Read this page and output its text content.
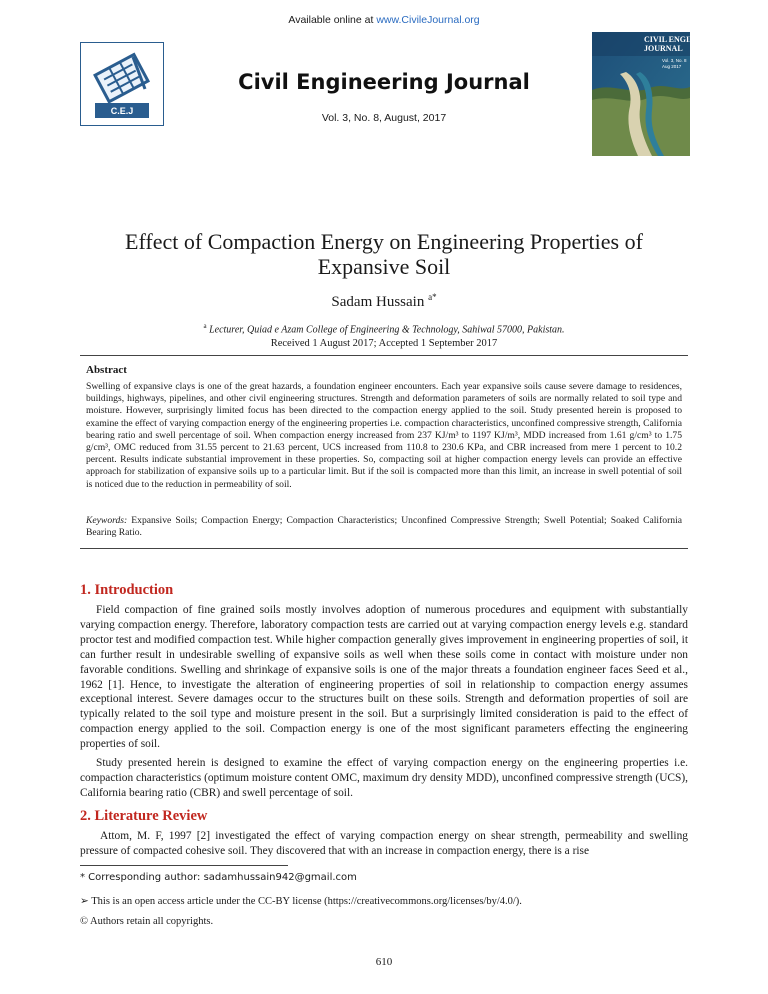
Available online at www.CivileJournal.org
C.E.J
Civil Engineering Journal
Vol. 3, No. 8, August, 2017
CIVIL ENGINEERING
JOURNAL
Vol. 3, No. 8
Aug 2017
Effect of Compaction Energy on Engineering Properties of Expansive Soil
Sadam Hussain $^{a*}$
$^a$ Lecturer, Quiad e Azam College of Engineering & Technology, Sahiwal 57000, Pakistan.
Received 1 August 2017; Accepted 1 September 2017
Abstract
Swelling of expansive clays is one of the great hazards, a foundation engineer encounters. Each year expansive soils cause severe damage to residences, buildings, highways, pipelines, and other civil engineering structures. Strength and deformation parameters of soils are normally related to soil type and moisture. However, surprisingly limited focus has been directed to the compaction energy applied to the soil. Study presented herein is proposed to examine the effect of varying compaction energy of the engineering properties i.e. compaction characteristics, unconfined compressive strength, California bearing ratio and swell percentage of soil. When compaction energy increased from 237 KJ/m³ to 1197 KJ/m³, MDD increased from 1.61 g/cm³ to 1.75 g/cm³, OMC reduced from 31.55 percent to 21.63 percent, UCS increased from 110.8 to 230.6 KPa, and CBR increased from mere 1 percent to 10.2 percent. Results indicate substantial improvement in these properties. So, compacting soil at higher compaction energy levels can provide an effective approach for stabilization of expansive soils up to a particular limit. But if the soil is compacted more than this limit, an increase in swell potential of soil is noticed due to the reduction in permeability of soil.
Keywords: Expansive Soils; Compaction Energy; Compaction Characteristics; Unconfined Compressive Strength; Swell Potential; Soaked California Bearing Ratio.
1. Introduction
Field compaction of fine grained soils mostly involves adoption of numerous procedures and equipment with substantially varying compaction energy. Therefore, laboratory compaction tests are carried out at varying compaction energy levels e.g. standard proctor test and modified compaction test. While higher compaction generally gives improvement in engineering properties of soil, it can further result in undesirable swelling of expansive soils as well when these soils come in contact with moisture under non favorable conditions. Swelling and shrinkage of expansive soils is one of the major threats a foundation engineer faces Seed et al., 1962 [1]. Hence, to investigate the alteration of engineering properties of soil in relationship to compaction energy assumes exceptional interest. Severe damages occur to the structures built on these soils. Strength and deformation properties of soil are typically related to the soil type and moisture present in the soil. But a surprisingly limited consideration is paid to the effect of compaction energy applied to the soil. Compaction energy is one of the most significant parameters effecting the engineering properties of soil.
Study presented herein is designed to examine the effect of varying compaction energy on the engineering properties i.e. compaction characteristics (optimum moisture content OMC, maximum dry density MDD), unconfined compressive strength (UCS), California bearing ratio (CBR) and swell percentage of soil.
2. Literature Review
Attom, M. F, 1997 [2] investigated the effect of varying compaction energy on shear strength, permeability and swelling pressure of compacted cohesive soil. They discovered that with an increase in compaction energy, there is a rise
* Corresponding author: sadamhussain942@gmail.com
➢ This is an open access article under the CC-BY license (https://creativecommons.org/licenses/by/4.0/).
© Authors retain all copyrights.
610
